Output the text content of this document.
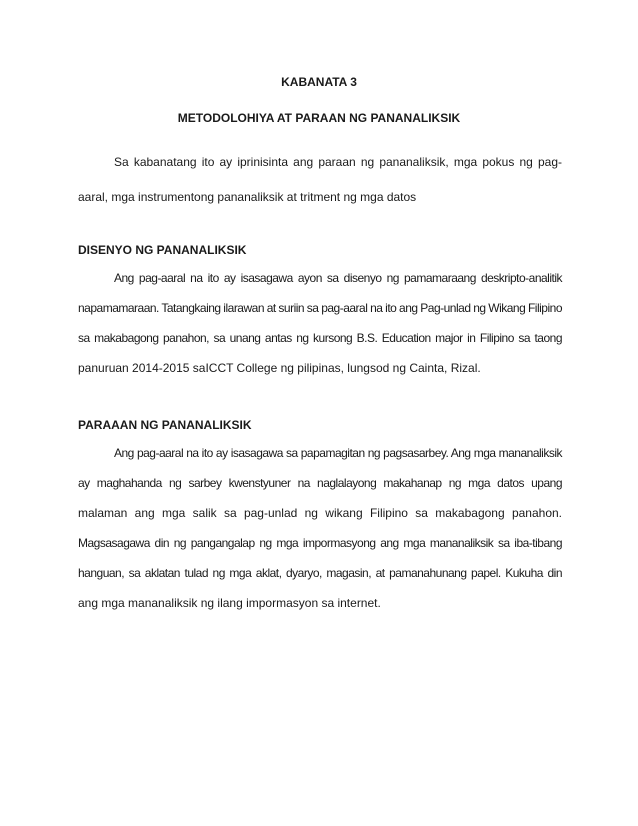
KABANATA 3
METODOLOHIYA AT PARAAN NG PANANALIKSIK
Sa kabanatang ito ay iprinisinta ang paraan ng pananaliksik, mga pokus ng pag-
aaral, mga instrumentong pananaliksik at tritment ng mga datos
DISENYO NG PANANALIKSIK
Ang pag-aaral na ito ay isasagawa ayon sa disenyo ng pamamaraang deskripto-analitik
napamamaraan. Tatangkaing ilarawan at suriin sa pag-aaral na ito ang Pag-unlad ng Wikang Filipino
sa makabagong panahon, sa unang antas ng kursong B.S. Education major in Filipino sa taong
panuruan 2014-2015 saICCT College ng pilipinas, lungsod ng Cainta, Rizal.
PARAAAN NG PANANALIKSIK
Ang pag-aaral na ito ay isasagawa sa papamagitan ng pagsasarbey. Ang mga mananaliksik
ay maghahanda ng sarbey kwenstyuner na naglalayong makahanap ng mga datos upang
malaman ang mga salik sa pag-unlad ng wikang Filipino sa makabagong panahon.
Magsasagawa din ng pangangalap ng mga impormasyong ang mga mananaliksik sa iba-tibang
hanguan, sa aklatan tulad ng mga aklat, dyaryo, magasin, at pamanahunang papel. Kukuha din
ang mga mananaliksik ng ilang impormasyon sa internet.
